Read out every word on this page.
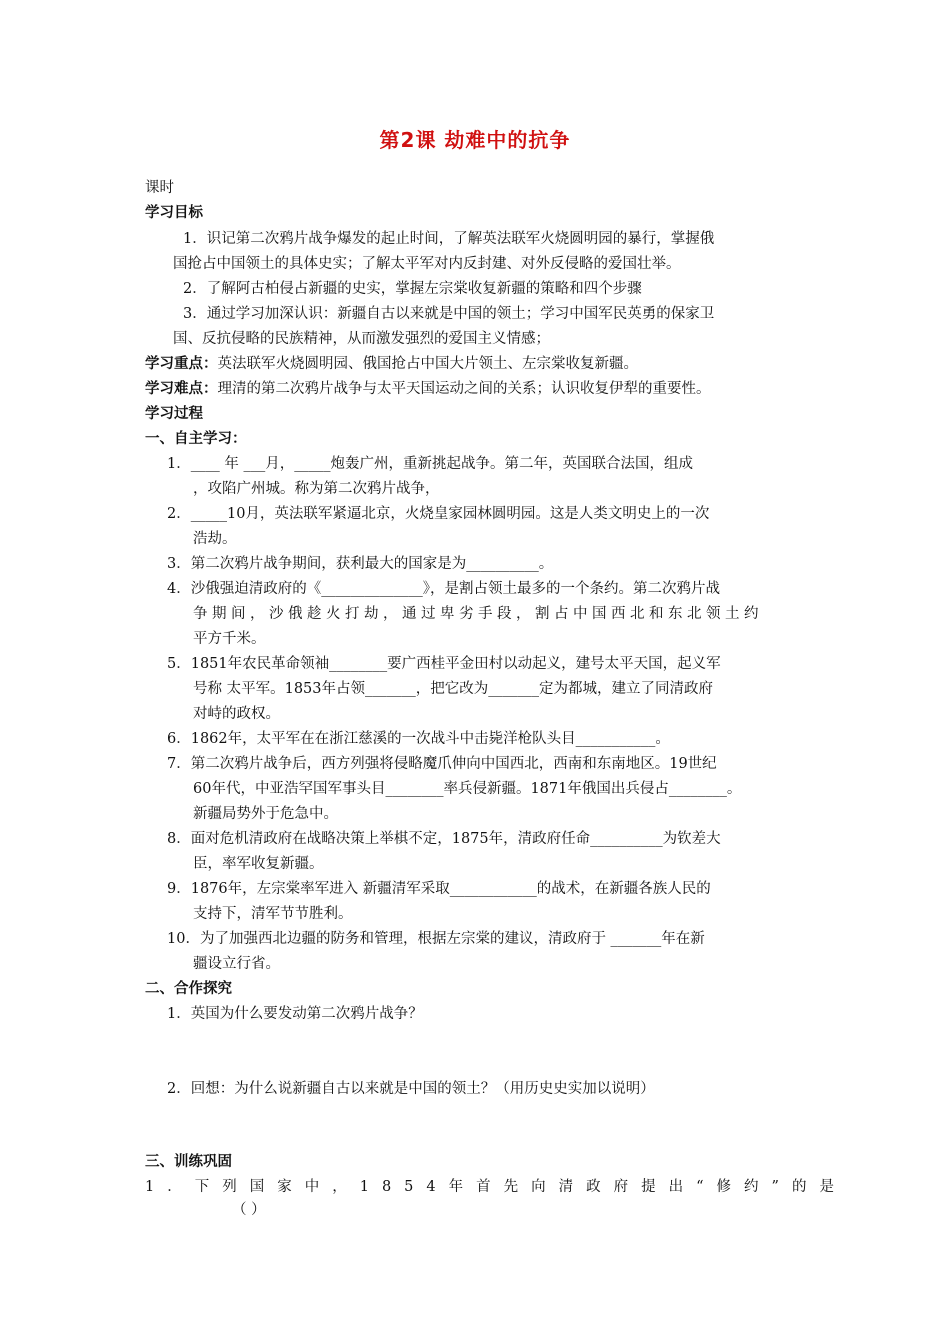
第2课 劫难中的抗争
课时
学习目标
1．识记第二次鸦片战争爆发的起止时间，了解英法联军火烧圆明园的暴行，掌握俄
国抢占中国领土的具体史实；了解太平军对内反封建、对外反侵略的爱国壮举。
2．了解阿古柏侵占新疆的史实，掌握左宗棠收复新疆的策略和四个步骤
3．通过学习加深认识：新疆自古以来就是中国的领土；学习中国军民英勇的保家卫
国、反抗侵略的民族精神，从而激发强烈的爱国主义情感；
学习重点：英法联军火烧圆明园、俄国抢占中国大片领土、左宗棠收复新疆。
学习难点：理清的第二次鸦片战争与太平天国运动之间的关系；认识收复伊犁的重要性。
学习过程
一、自主学习：
1．____ 年 ___月，_____炮轰广州，重新挑起战争。第二年，英国联合法国，组成
，攻陷广州城。称为第二次鸦片战争，
2．_____10月，英法联军紧逼北京，火烧皇家园林圆明园。这是人类文明史上的一次
浩劫。
3．第二次鸦片战争期间，获利最大的国家是为__________。
4．沙俄强迫清政府的《______________》，是割占领土最多的一个条约。第二次鸦片战
争期间，沙俄趁火打劫，通过卑劣手段，割占中国西北和东北领土约
平方千米。
5．1851年农民革命领袖________要广西桂平金田村以动起义，建号太平天国，起义军
号称 太平军。1853年占领_______，把它改为_______定为都城，建立了同清政府
对峙的政权。
6．1862年，太平军在在浙江慈溪的一次战斗中击毙洋枪队头目___________。
7．第二次鸦片战争后，西方列强将侵略魔爪伸向中国西北，西南和东南地区。19世纪
60年代，中亚浩罕国军事头目________率兵侵新疆。1871年俄国出兵侵占________。
新疆局势外于危急中。
8．面对危机清政府在战略决策上举棋不定，1875年，清政府任命__________为钦差大
臣，率军收复新疆。
9．1876年，左宗棠率军进入 新疆清军采取____________的战术，在新疆各族人民的
支持下，清军节节胜利。
10．为了加强西北边疆的防务和管理，根据左宗棠的建议，清政府于 _______年在新
疆设立行省。
二、合作探究
1．英国为什么要发动第二次鸦片战争？
2．回想：为什么说新疆自古以来就是中国的领土？（用历史史实加以说明）
三、训练巩固
1．下列国家中，1854年首先向清政府提出“修约”的是
（ ）
